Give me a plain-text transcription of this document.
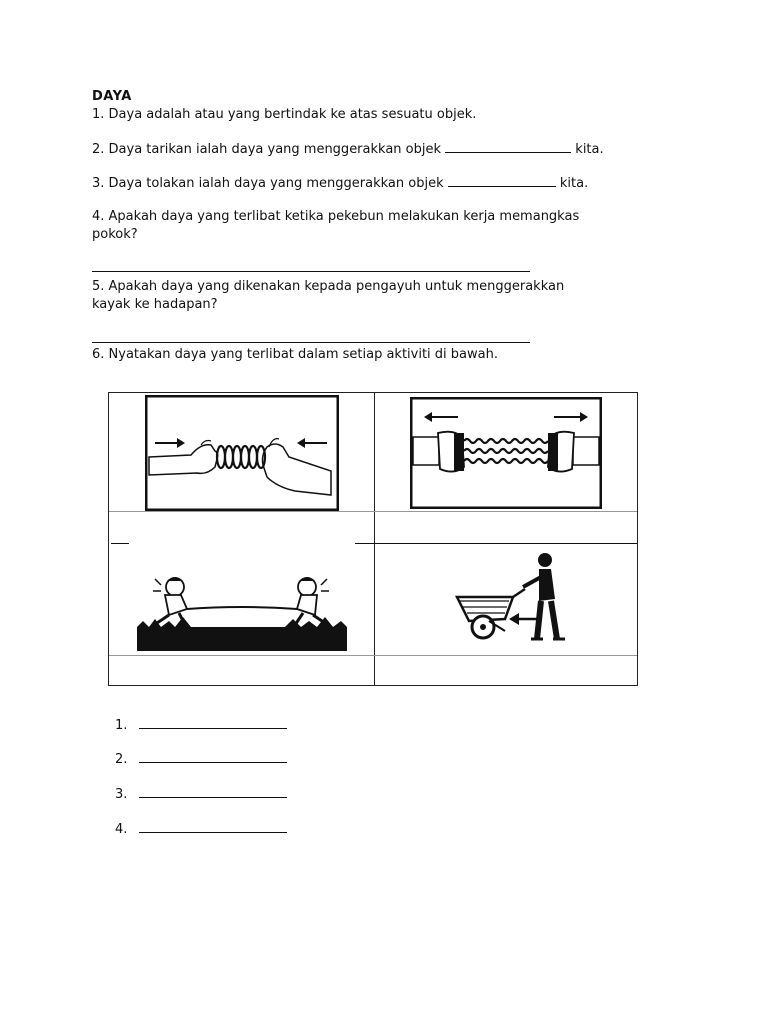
DAYA
1. Daya adalah atau yang bertindak ke atas sesuatu objek.
2. Daya tarikan ialah daya yang menggerakkan objek	kita.
3. Daya tolakan ialah daya yang menggerakkan objek	kita.
4. Apakah daya yang terlibat ketika pekebun melakukan kerja memangkas
pokok?
5. Apakah daya yang dikenakan kepada pengayuh untuk menggerakkan
kayak ke hadapan?
6. Nyatakan daya yang terlibat dalam setiap aktiviti di bawah.
1.
2.
3.
4.
